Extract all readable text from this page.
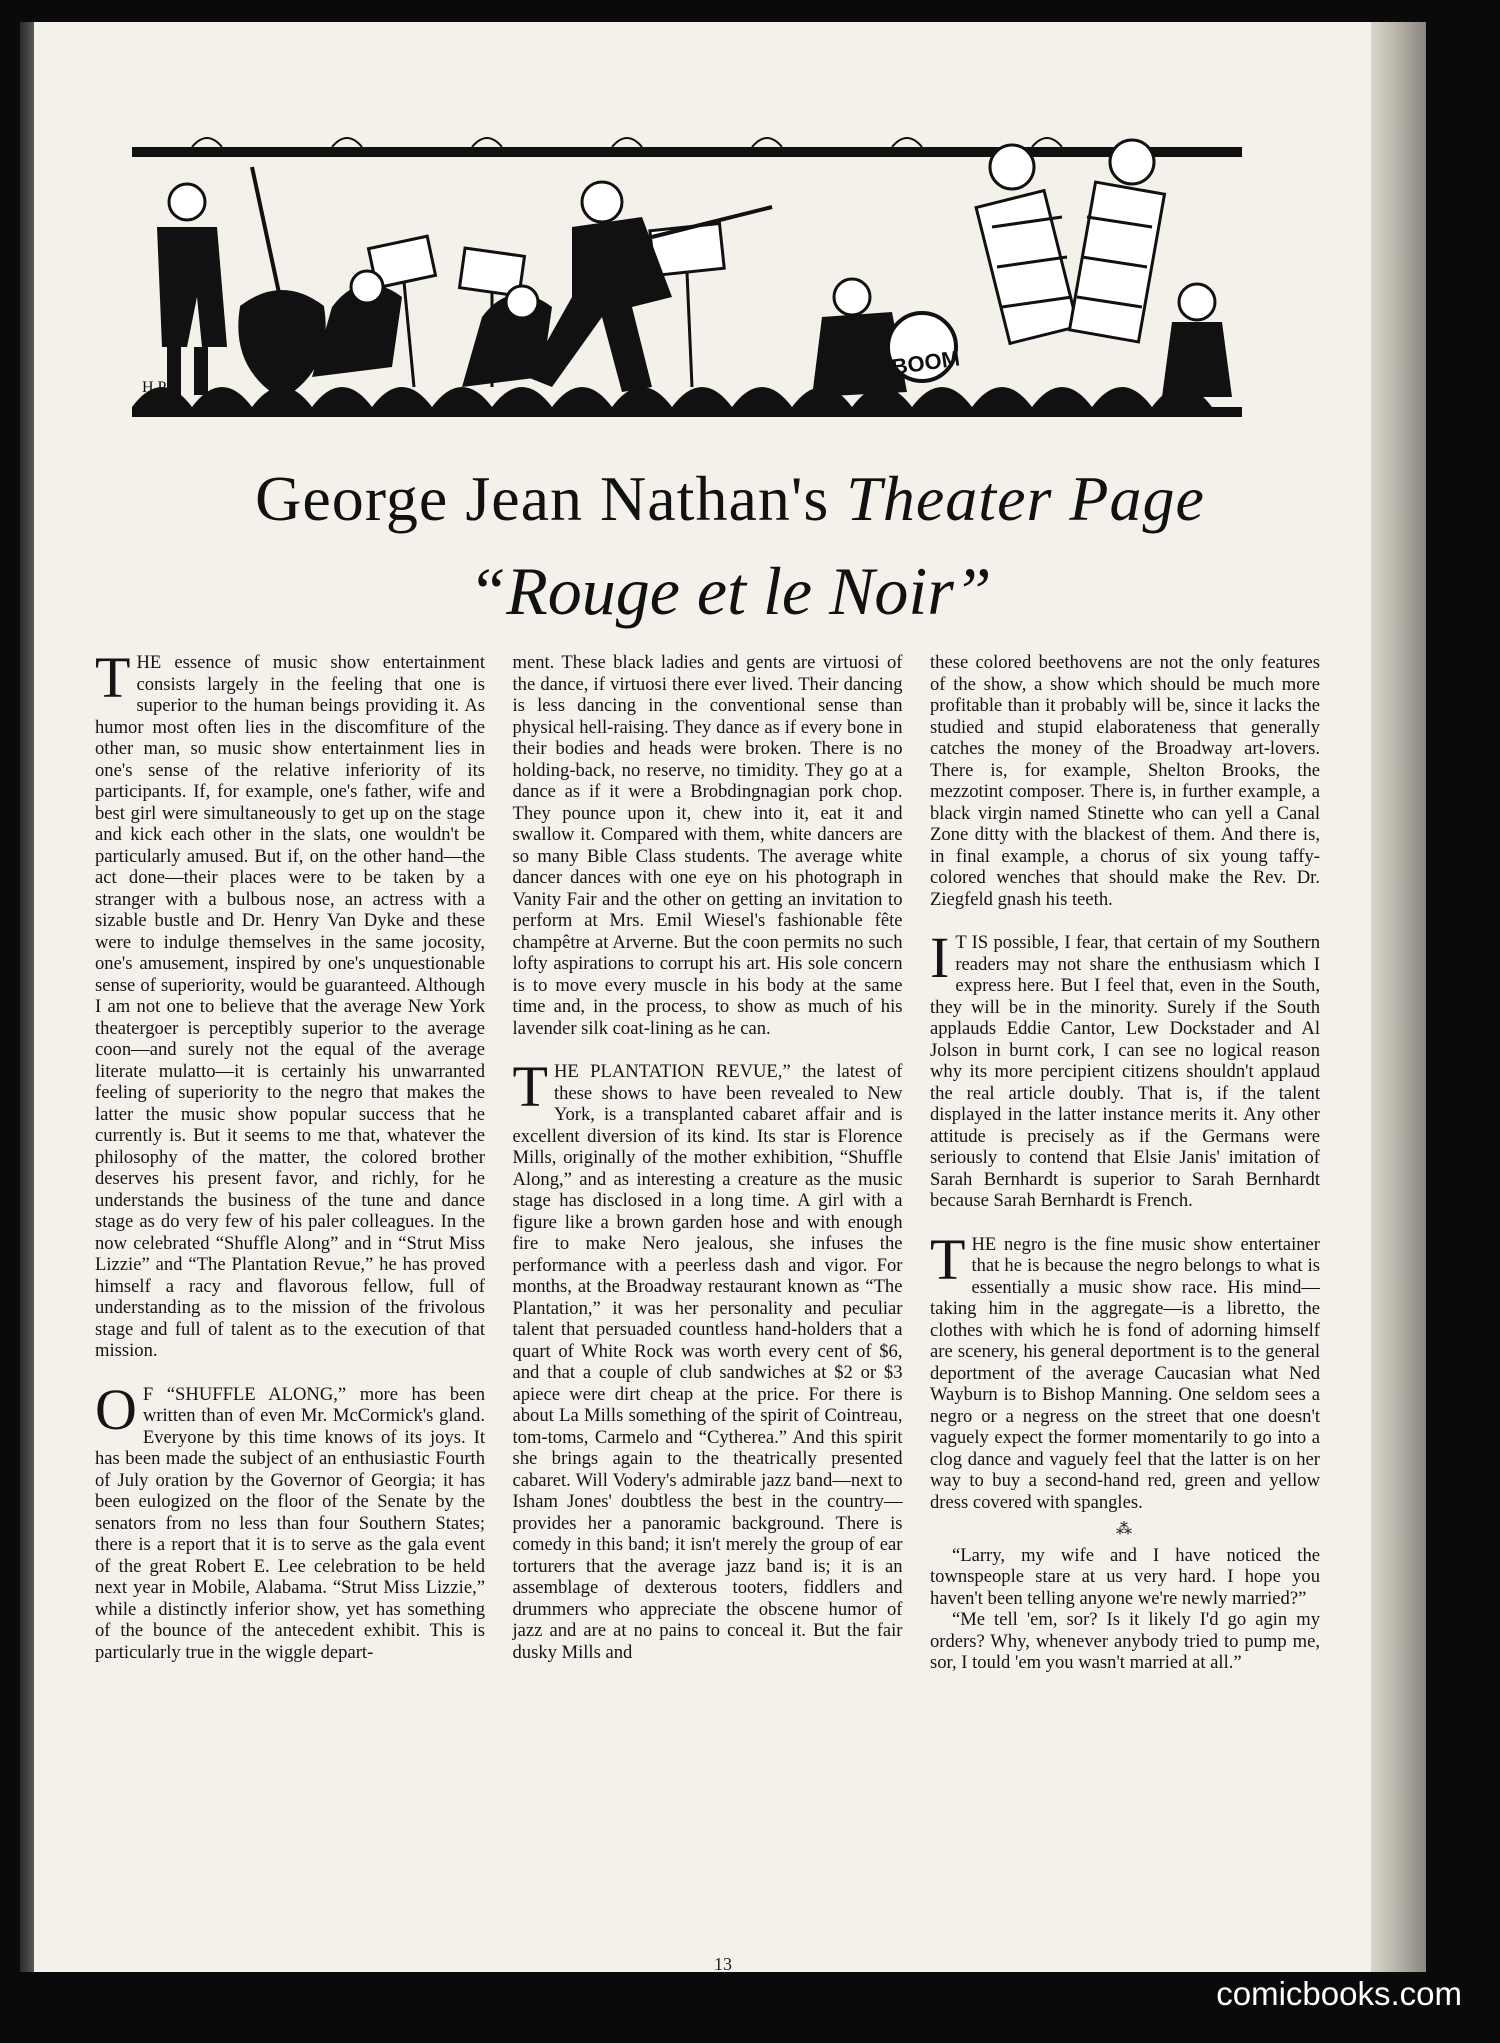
BOOM
H.P.
George Jean Nathan's Theater Page
“Rouge et le Noir”

THE essence of music show entertainment consists largely in the feeling that one is superior to the human beings providing it. As humor most often lies in the discomfiture of the other man, so music show entertainment lies in one's sense of the relative inferiority of its participants. If, for example, one's father, wife and best girl were simultaneously to get up on the stage and kick each other in the slats, one wouldn't be particularly amused. But if, on the other hand—the act done—their places were to be taken by a stranger with a bulbous nose, an actress with a sizable bustle and Dr. Henry Van Dyke and these were to indulge themselves in the same jocosity, one's amusement, inspired by one's unquestionable sense of superiority, would be guaranteed. Although I am not one to believe that the average New York theatergoer is perceptibly superior to the average coon—and surely not the equal of the average literate mulatto—it is certainly his unwarranted feeling of superiority to the negro that makes the latter the music show popular success that he currently is. But it seems to me that, whatever the philosophy of the matter, the colored brother deserves his present favor, and richly, for he understands the business of the tune and dance stage as do very few of his paler colleagues. In the now celebrated “Shuffle Along” and in “Strut Miss Lizzie” and “The Plantation Revue,” he has proved himself a racy and flavorous fellow, full of understanding as to the mission of the frivolous stage and full of talent as to the execution of that mission.

O F “SHUFFLE ALONG,” more has been written than of even Mr. McCormick's gland. Everyone by this time knows of its joys. It has been made the subject of an enthusiastic Fourth of July oration by the Governor of Georgia; it has been eulogized on the floor of the Senate by the senators from no less than four Southern States; there is a report that it is to serve as the gala event of the great Robert E. Lee celebration to be held next year in Mobile, Alabama. “Strut Miss Lizzie,” while a distinctly inferior show, yet has something of the bounce of the antecedent exhibit. This is particularly true in the wiggle depart-

ment. These black ladies and gents are virtuosi of the dance, if virtuosi there ever lived. Their dancing is less dancing in the conventional sense than physical hell-raising. They dance as if every bone in their bodies and heads were broken. There is no holding-back, no reserve, no timidity. They go at a dance as if it were a Brobdingnagian pork chop. They pounce upon it, chew into it, eat it and swallow it. Compared with them, white dancers are so many Bible Class students. The average white dancer dances with one eye on his photograph in Vanity Fair and the other on getting an invitation to perform at Mrs. Emil Wiesel's fashionable fête champêtre at Arverne. But the coon permits no such lofty aspirations to corrupt his art. His sole concern is to move every muscle in his body at the same time and, in the process, to show as much of his lavender silk coat-lining as he can.

THE PLANTATION REVUE,” the latest of these shows to have been revealed to New York, is a transplanted cabaret affair and is excellent diversion of its kind. Its star is Florence Mills, originally of the mother exhibition, “Shuffle Along,” and as interesting a creature as the music stage has disclosed in a long time. A girl with a figure like a brown garden hose and with enough fire to make Nero jealous, she infuses the performance with a peerless dash and vigor. For months, at the Broadway restaurant known as “The Plantation,” it was her personality and peculiar talent that persuaded countless hand-holders that a quart of White Rock was worth every cent of $6, and that a couple of club sandwiches at $2 or $3 apiece were dirt cheap at the price. For there is about La Mills something of the spirit of Cointreau, tom-toms, Carmelo and “Cytherea.” And this spirit she brings again to the theatrically presented cabaret. Will Vodery's admirable jazz band—next to Isham Jones' doubtless the best in the country—provides her a panoramic background. There is comedy in this band; it isn't merely the group of ear torturers that the average jazz band is; it is an assemblage of dexterous tooters, fiddlers and drummers who appreciate the obscene humor of jazz and are at no pains to conceal it. But the fair dusky Mills and

these colored beethovens are not the only features of the show, a show which should be much more profitable than it probably will be, since it lacks the studied and stupid elaborateness that generally catches the money of the Broadway art-lovers. There is, for example, Shelton Brooks, the mezzotint composer. There is, in further example, a black virgin named Stinette who can yell a Canal Zone ditty with the blackest of them. And there is, in final example, a chorus of six young taffy-colored wenches that should make the Rev. Dr. Ziegfeld gnash his teeth.

I T IS possible, I fear, that certain of my Southern readers may not share the enthusiasm which I express here. But I feel that, even in the South, they will be in the minority. Surely if the South applauds Eddie Cantor, Lew Dockstader and Al Jolson in burnt cork, I can see no logical reason why its more percipient citizens shouldn't applaud the real article doubly. That is, if the talent displayed in the latter instance merits it. Any other attitude is precisely as if the Germans were seriously to contend that Elsie Janis' imitation of Sarah Bernhardt is superior to Sarah Bernhardt because Sarah Bernhardt is French.

THE negro is the fine music show entertainer that he is because the negro belongs to what is essentially a music show race. His mind—taking him in the aggregate—is a libretto, the clothes with which he is fond of adorning himself are scenery, his general deportment is to the general deportment of the average Caucasian what Ned Wayburn is to Bishop Manning. One seldom sees a negro or a negress on the street that one doesn't vaguely expect the former momentarily to go into a clog dance and vaguely feel that the latter is on her way to buy a second-hand red, green and yellow dress covered with spangles.

⁂

“Larry, my wife and I have noticed the townspeople stare at us very hard. I hope you haven't been telling anyone we're newly married?”

“Me tell 'em, sor? Is it likely I'd go agin my orders? Why, whenever anybody tried to pump me, sor, I tould 'em you wasn't married at all.”

13
comicbooks.com
